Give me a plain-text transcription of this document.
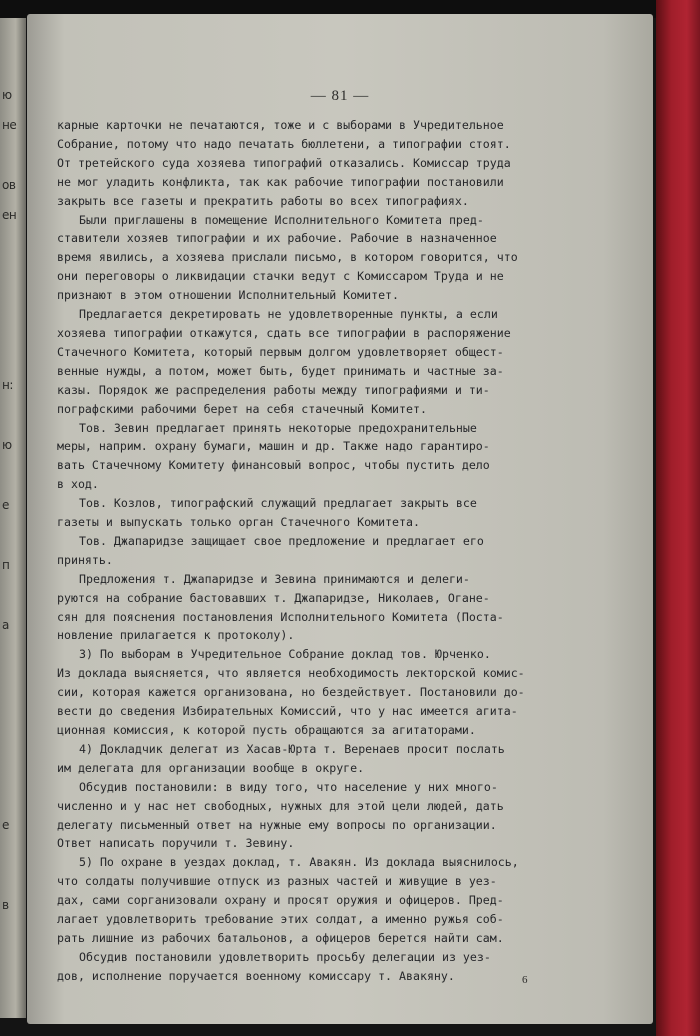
ю
не
ов
ен
н:
ю
е
п
а
е
в
— 81 —
карные карточки не печатаются, тоже и с выборами в Учредительное
Собрание, потому что надо печатать бюллетени, а типографии стоят.
От третейского суда хозяева типографий отказались. Комиссар труда
не мог уладить конфликта, так как рабочие типографии постановили
закрыть все газеты и прекратить работы во всех типографиях.
Были приглашены в помещение Исполнительного Комитета пред-
ставители хозяев типографии и их рабочие. Рабочие в назначенное
время явились, а хозяева прислали письмо, в котором говорится, что
они переговоры о ликвидации стачки ведут с Комиссаром Труда и не
признают в этом отношении Исполнительный Комитет.
Предлагается декретировать не удовлетворенные пункты, а если
хозяева типографии откажутся, сдать все типографии в распоряжение
Стачечного Комитета, который первым долгом удовлетворяет общест-
венные нужды, а потом, может быть, будет принимать и частные за-
казы. Порядок же распределения работы между типографиями и ти-
пографскими рабочими берет на себя стачечный Комитет.
Тов. Зевин предлагает принять некоторые предохранительные
меры, наприм. охрану бумаги, машин и др. Также надо гарантиро-
вать Стачечному Комитету финансовый вопрос, чтобы пустить дело
в ход.
Тов. Козлов, типографский служащий предлагает закрыть все
газеты и выпускать только орган Стачечного Комитета.
Тов. Джапаридзе защищает свое предложение и предлагает его
принять.
Предложения т. Джапаридзе и Зевина принимаются и делеги-
руются на собрание бастовавших т. Джапаридзе, Николаев, Оганe-
сян для пояснения постановления Исполнительного Комитета (Поста-
новление прилагается к протоколу).
3) По выборам в Учредительное Собрание доклад тов. Юрченко.
Из доклада выясняется, что является необходимость лекторской комис-
сии, которая кажется организована, но бездействует. Постановили до-
вести до сведения Избирательных Комиссий, что у нас имеется агита-
ционная комиссия, к которой пусть обращаются за агитаторами.
4) Докладчик делегат из Хасав-Юрта т. Веренаев просит послать
им делегата для организации вообще в округе.
Обсудив постановили: в виду того, что население у них много-
численно и у нас нет свободных, нужных для этой цели людей, дать
делегату письменный ответ на нужные ему вопросы по организации.
Ответ написать поручили т. Зевину.
5) По охране в уездах доклад, т. Авакян. Из доклада выяснилось,
что солдаты получившие отпуск из разных частей и живущие в уез-
дах, сами сорганизовали охрану и просят оружия и офицеров. Пред-
лагает удовлетворить требование этих солдат, а именно ружья соб-
рать лишние из рабочих батальонов, а офицеров берется найти сам.
Обсудив постановили удовлетворить просьбу делегации из уез-
дов, исполнение поручается военному комиссару т. Авакяну.	6
